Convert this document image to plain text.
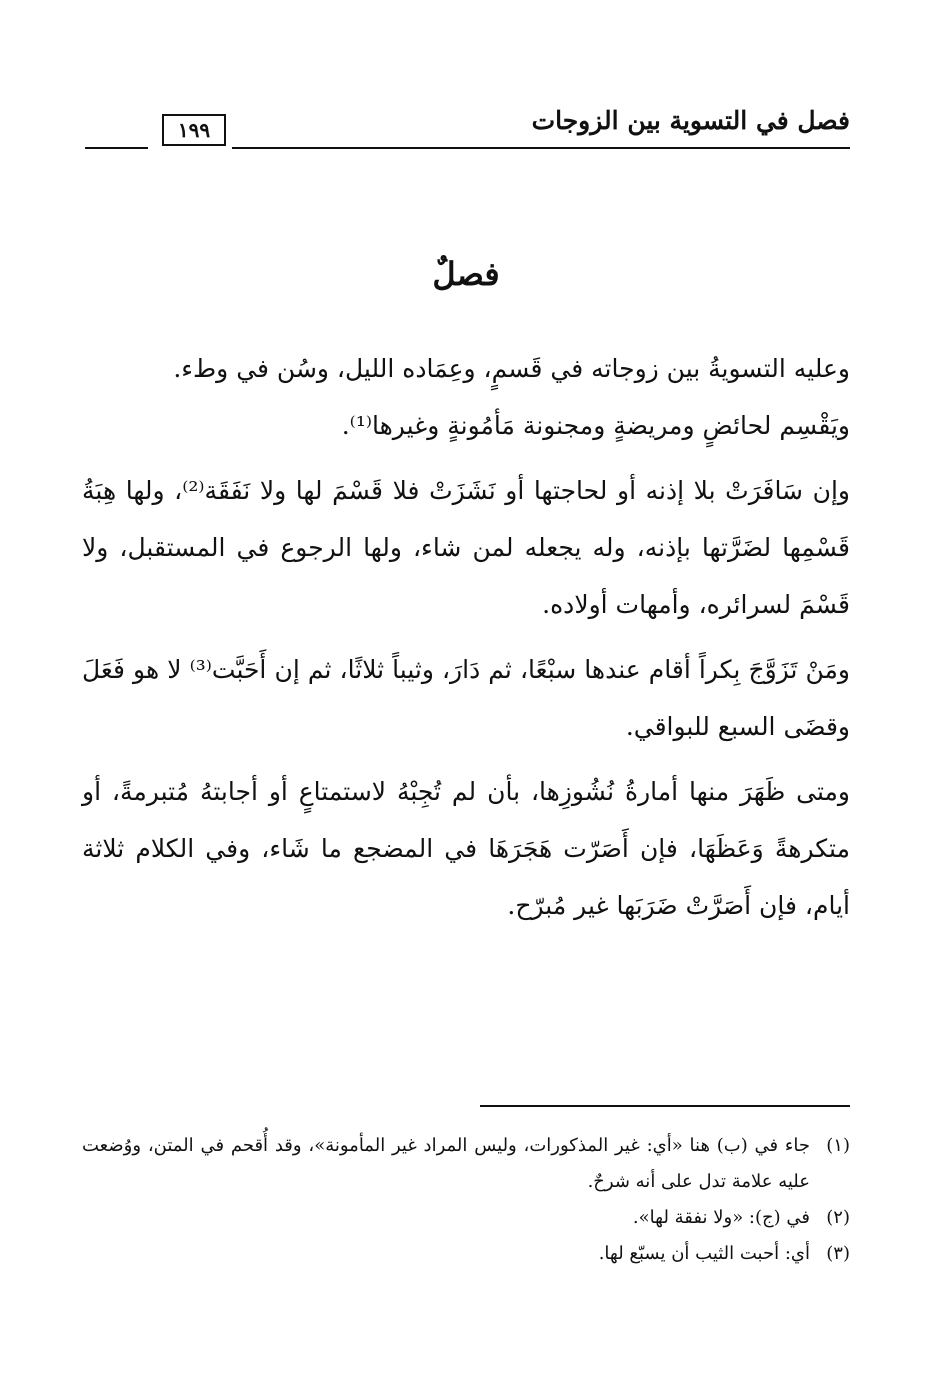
فصل في التسوية بين الزوجات
١٩٩
فصلٌ

وعليه التسويةُ بين زوجاته في قَسمٍ، وعِمَاده الليل، وسُن في وطء.

ويَقْسِم لحائضٍ ومريضةٍ ومجنونة مَأمُونةٍ وغيرها⁽¹⁾.

وإن سَافَرَتْ بلا إذنه أو لحاجتها أو نَشَزَتْ فلا قَسْمَ لها ولا نَفَقَة⁽²⁾، ولها هِبَةُ قَسْمِها لضَرَّتها بإذنه، وله يجعله لمن شاء، ولها الرجوع في المستقبل، ولا قَسْمَ لسرائره، وأمهات أولاده.

ومَنْ تَزَوَّجَ بِكراً أقام عندها سبْعًا، ثم دَارَ، وثيباً ثلاثًا، ثم إن أَحَبَّت⁽³⁾ لا هو فَعَلَ وقضَى السبع للبواقي.

ومتى ظَهَرَ منها أمارةُ نُشُوزِها، بأن لم تُجِبْهُ لاستمتاعٍ أو أجابتهُ مُتبرمةً، أو متكرهةً وَعَظَهَا، فإن أَصَرّت هَجَرَهَا في المضجع ما شَاء، وفي الكلام ثلاثة أيام، فإن أَصَرَّتْ ضَرَبَها غير مُبرّح.

(١)
جاء في (ب) هنا «أي: غير المذكورات، وليس المراد غير المأمونة»، وقد أُقحم في المتن، ووُضعت عليه علامة تدل على أنه شرحٌ.
(٢)
في (ج): «ولا نفقة لها».
(٣)
أي: أحبت الثيب أن يسبّع لها.
